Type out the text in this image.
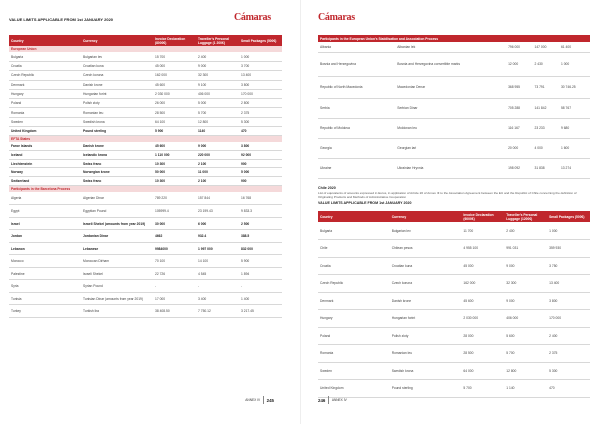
VALUE LIMITS APPLICABLE FROM 1st JANUARY 2020	Cámaras
Country	Currency	Invoice Declaration (8000€)	Traveller's Personal Luggage (1 200€)	Small Packages (500€)
European Union				
Bulgaria	Bulgarian lev	15 700	2 400	1 000
Croatia	Croatian kuna	45 000	9 000	3 700
Czech Republic	Czech koruna	162 000	32 300	13 400
Denmark	Danish krone	45 600	9 100	3 800
Hungary	Hungarian forint	2 030 000	406 000	170 000
Poland	Polish zloty	26 000	5 000	2 800
Romania	Romanian leu	28 500	5 700	2 375
Sweden	Swedish krona	64 100	12 800	5 300
United Kingdom	Pound sterling	5 900	1140	470
EFTA States				
Faroe Islands	Danish krone	45 600	9 000	3 800
Iceland	Icelandic krona	1 110 000	220 000	92 000
Liechtenstein	Swiss franc	10 300	2 100	900
Norway	Norwegian krone	50 000	11 000	5 000
Switzerland	Swiss franc	10 300	2 100	900
Participants in the Barcelona Process				
Algeria	Algerian Dinar	789 220	157 844	16 768
Egypt	Egyptian Pound	105999.4	23 199.43	9 833.3
Israel	Israeli Shekel (amounts from year 2019)	30 000	6 000	2 500
Jordan	Jordanian Dinar	4662	932.4	388.5
Lebanon	Lebanese	9984000	1 997 000	832 000
Morocco	Moroccan Dirham	70 100	14 100	5 900
Palestine	Israeli Shekel	22 726	4 545	1 894
Syria	Syrian Pound	-	-	-
Tunisia	Tunisian Dinar (amounts from year 2019)	17 000	3 400	1 400
Turkey	Turkish lira	38 408.50	7 750.12	3 217.45
ANNEX IV 245
Cámaras
Participants in the European Union's Stabilisation and Association Process				
Albania	Albanian lek	796 000	147 000	61 400
Bosnia and Herzegovina	Bosnia and Herzegovina convertible marks	12 000	2 430	1 000
Republic of North Macedonia	Macedonian Denar	368 955	73 791	30 746.25
Serbia	Serbian Dinar	705 288	141 842	58 767
Republic of Moldova	Moldovan leu	116 167	23 233	9 680
Georgia	Georgian lari	20 000	4 000	1 600
Ukraine	Ukrainian Hryvnia	198 092	31 838	13 274
Chile 2020
List of equivalents of amounts expressed in Euros, in application of Article 20 of Annex III to the Association Agreement between the EU and the Republic of Chile concerning the definition of Originating Products and Methods of Administrative Cooperation
VALUE LIMITS APPLICABLE FROM 1st JANUARY 2020
Country	Currency	Invoice Declaration (6000€)	Traveller's Personal Luggage (1200€)	Small Packages (500€)
Bulgaria	Bulgarian lev	11 700	2 400	1 000
Chile	Chilean pesos	4 955 100	991 031	359 930
Croatia	Croatian kuna	45 000	9 000	3 750
Czech Republic	Czech koruna	162 000	32 300	13 400
Denmark	Danish krone	45 600	9 000	3 800
Hungary	Hungarian forint	2 030 000	406 000	170 000
Poland	Polish zloty	28 000	5 600	2 400
Romania	Romanian leu	28 500	5 700	2 375
Sweden	Swedish krona	64 000	12 800	5 300
United Kingdom	Pound sterling	5 700	1 140	470
246 ANNEX IV
